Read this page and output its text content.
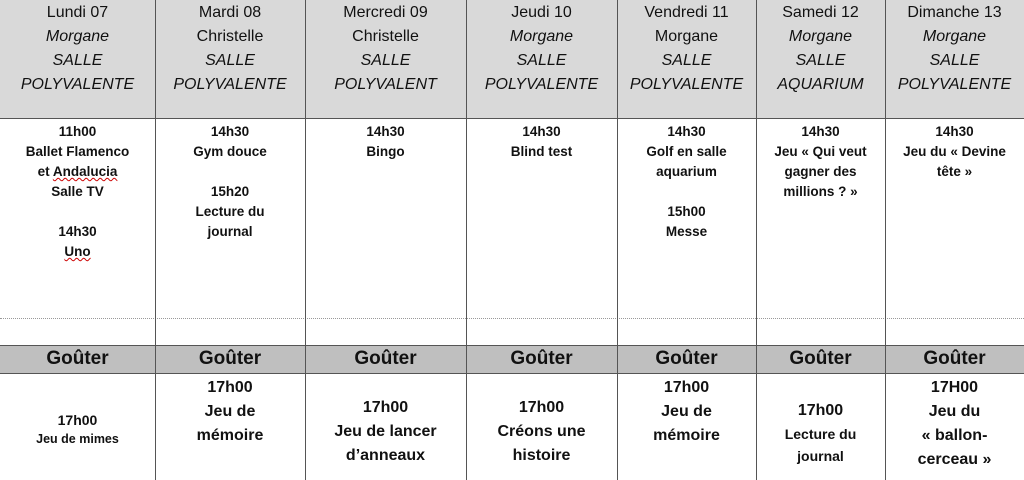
Lundi 07
Morgane
SALLE
POLYVALENTE
11h00
Ballet Flamenco
et Andalucia
Salle TV
14h30
Uno
Goûter
17h00
Jeu de mimes
Mardi 08
Christelle
SALLE
POLYVALENTE
14h30
Gym douce
15h20
Lecture du
journal
Goûter
17h00
Jeu de
mémoire
Mercredi 09
Christelle
SALLE
POLYVALENT
14h30
Bingo
Goûter
17h00
Jeu de lancer
d’anneaux
Jeudi 10
Morgane
SALLE
POLYVALENTE
14h30
Blind test
Goûter
17h00
Créons une
histoire
Vendredi 11
Morgane
SALLE
POLYVALENTE
14h30
Golf en salle
aquarium
15h00
Messe
Goûter
17h00
Jeu de
mémoire
Samedi 12
Morgane
SALLE
AQUARIUM
14h30
Jeu « Qui veut
gagner des
millions ? »
Goûter
17h00
Lecture du
journal
Dimanche 13
Morgane
SALLE
POLYVALENTE
14h30
Jeu du « Devine
tête »
Goûter
17H00
Jeu du
« ballon-
cerceau »
